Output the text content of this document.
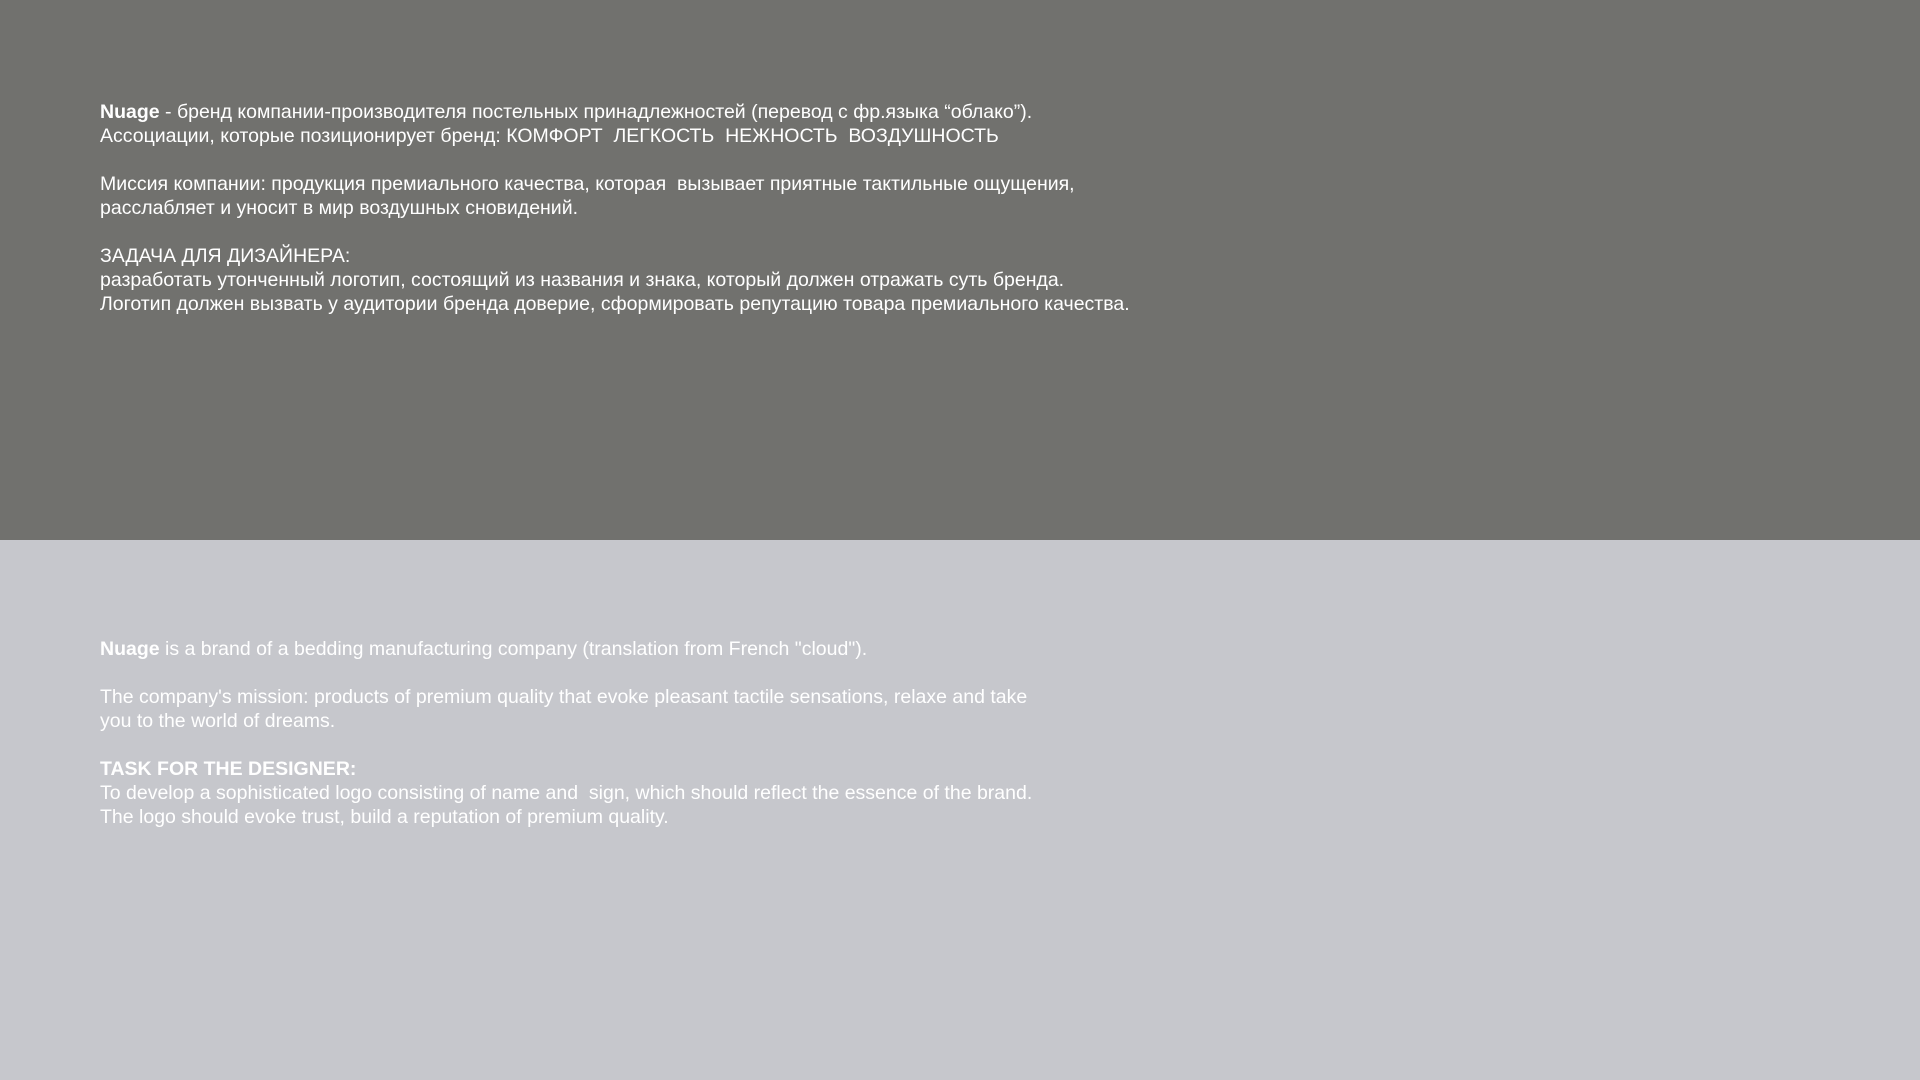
Nuage - бренд компании-производителя постельных принадлежностей (перевод с фр.языка “облако”).
Ассоциации, которые позиционирует бренд: КОМФОРТ  ЛЕГКОСТЬ  НЕЖНОСТЬ  ВОЗДУШНОСТЬ

Миссия компании: продукция премиального качества, которая  вызывает приятные тактильные ощущения,
расслабляет и уносит в мир воздушных сновидений.

ЗАДАЧА ДЛЯ ДИЗАЙНЕРА:
разработать утонченный логотип, состоящий из названия и знака, который должен отражать суть бренда.
Логотип должен вызвать у аудитории бренда доверие, сформировать репутацию товара премиального качества.

Nuage is a brand of a bedding manufacturing company (translation from French "cloud").

The company's mission: products of premium quality that evoke pleasant tactile sensations, relaxe and take
you to the world of dreams.

TASK FOR THE DESIGNER:
To develop a sophisticated logo consisting of name and  sign, which should reflect the essence of the brand.
The logo should evoke trust, build a reputation of premium quality.
